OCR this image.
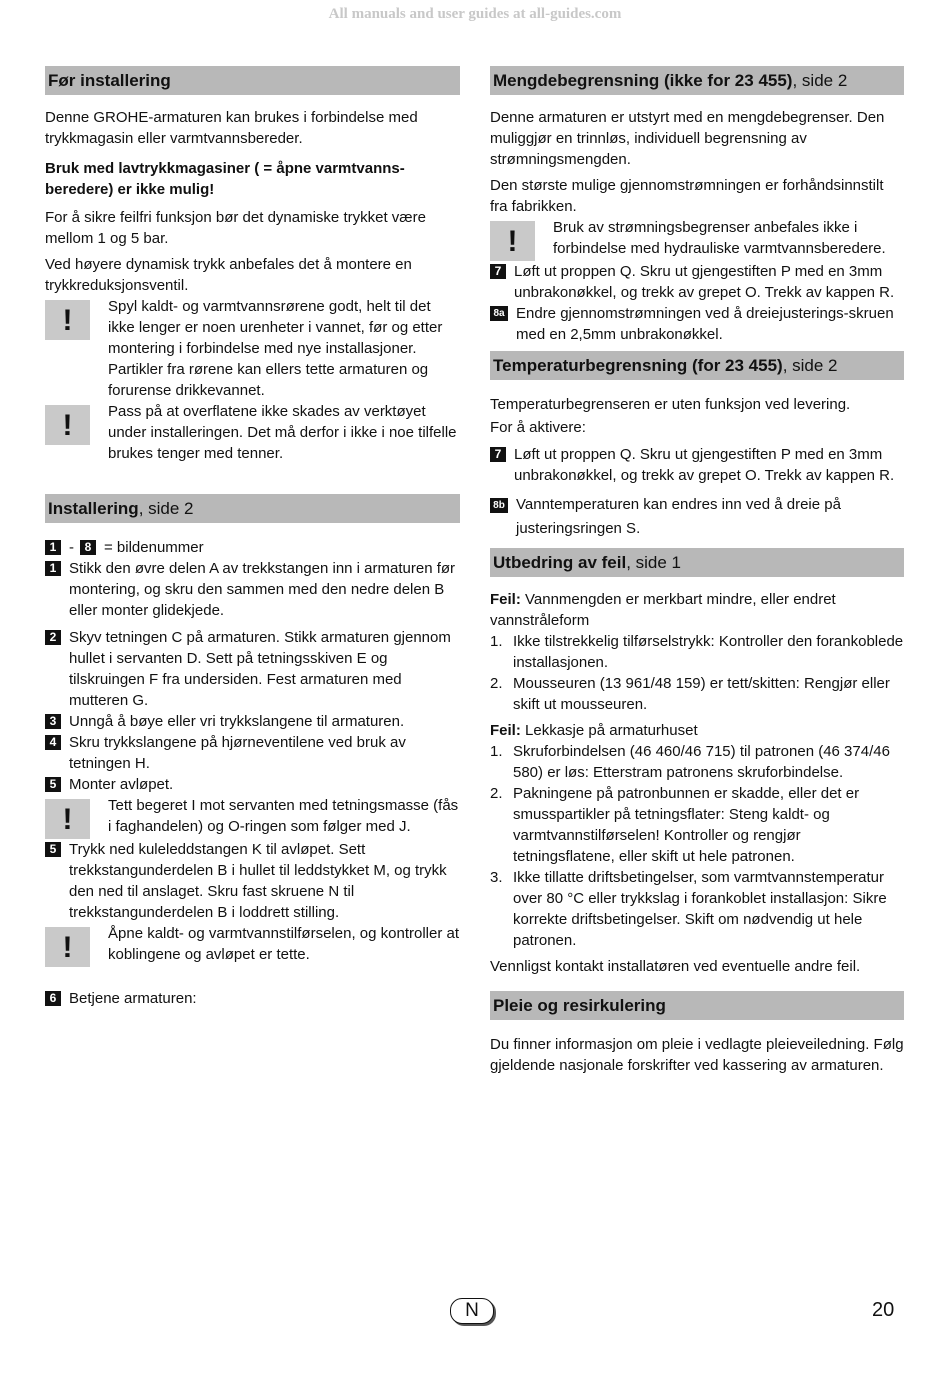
All manuals and user guides at all-guides.com
Før installering

Denne GROHE-armaturen kan brukes i forbindelse med trykkmagasin eller varmtvannsbereder.

Bruk med lavtrykkmagasiner ( = åpne varmtvanns-beredere) er ikke mulig!

For å sikre feilfri funksjon bør det dynamiske trykket være mellom 1 og 5 bar.

Ved høyere dynamisk trykk anbefales det å montere en trykkreduksjonsventil.

! Spyl kaldt- og varmtvannsrørene godt, helt til det ikke lenger er noen urenheter i vannet, før og etter montering i forbindelse med nye installasjoner. Partikler fra rørene kan ellers tette armaturen og forurense drikkevannet.
! Pass på at overflatene ikke skades av verktøyet under installeringen. Det må derfor i ikke i noe tilfelle brukes tenger med tenner.
Installering, side 2
1 - 8 = bildenummer
1 Stikk den øvre delen A av trekkstangen inn i armaturen før montering, og skru den sammen med den nedre delen B eller monter glidekjede.
2 Skyv tetningen C på armaturen. Stikk armaturen gjennom hullet i servanten D. Sett på tetningsskiven E og tilskruingen F fra undersiden. Fest armaturen med mutteren G.
3 Unngå å bøye eller vri trykkslangene til armaturen.
4 Skru trykkslangene på hjørneventilene ved bruk av tetningen H.
5 Monter avløpet.
! Tett begeret I mot servanten med tetningsmasse (fås i faghandelen) og O-ringen som følger med J.
5 Trykk ned kuleleddstangen K til avløpet. Sett trekkstangunderdelen B i hullet til leddstykket M, og trykk den ned til anslaget. Skru fast skruene N til trekkstangunderdelen B i loddrett stilling.
! Åpne kaldt- og varmtvannstilførselen, og kontroller at koblingene og avløpet er tette.
6 Betjene armaturen:
Mengdebegrensning (ikke for 23 455), side 2

Denne armaturen er utstyrt med en mengdebegrenser. Den muliggjør en trinnløs, individuell begrensning av strømningsmengden.

Den største mulige gjennomstrømningen er forhåndsinnstilt fra fabrikken.

! Bruk av strømningsbegrenser anbefales ikke i forbindelse med hydrauliske varmtvannsberedere.
7 Løft ut proppen Q. Skru ut gjengestiften P med en 3mm unbrakonøkkel, og trekk av grepet O. Trekk av kappen R.
8a Endre gjennomstrømningen ved å dreiejusterings-skruen med en 2,5mm unbrakonøkkel.
Temperaturbegrensning (for 23 455), side 2

Temperaturbegrenseren er uten funksjon ved levering.

For å aktivere:

7 Løft ut proppen Q. Skru ut gjengestiften P med en 3mm unbrakonøkkel, og trekk av grepet O. Trekk av kappen R.
8b Vanntemperaturen kan endres inn ved å dreie på justeringsringen S.
Utbedring av feil, side 1

Feil: Vannmengden er merkbart mindre, eller endret vannstråleform

1. Ikke tilstrekkelig tilførselstrykk: Kontroller den forankoblede installasjonen.
2. Mousseuren (13 961/48 159) er tett/skitten: Rengjør eller skift ut mousseuren.

Feil: Lekkasje på armaturhuset

1. Skruforbindelsen (46 460/46 715) til patronen (46 374/46 580) er løs: Etterstram patronens skruforbindelse.
2. Pakningene på patronbunnen er skadde, eller det er smusspartikler på tetningsflater: Steng kaldt- og varmtvannstilførselen! Kontroller og rengjør tetningsflatene, eller skift ut hele patronen.
3. Ikke tillatte driftsbetingelser, som varmtvannstemperatur over 80 °C eller trykkslag i forankoblet installasjon: Sikre korrekte driftsbetingelser. Skift om nødvendig ut hele patronen.

Vennligst kontakt installatøren ved eventuelle andre feil.

Pleie og resirkulering

Du finner informasjon om pleie i vedlagte pleieveiledning. Følg gjeldende nasjonale forskrifter ved kassering av armaturen.

N	20
